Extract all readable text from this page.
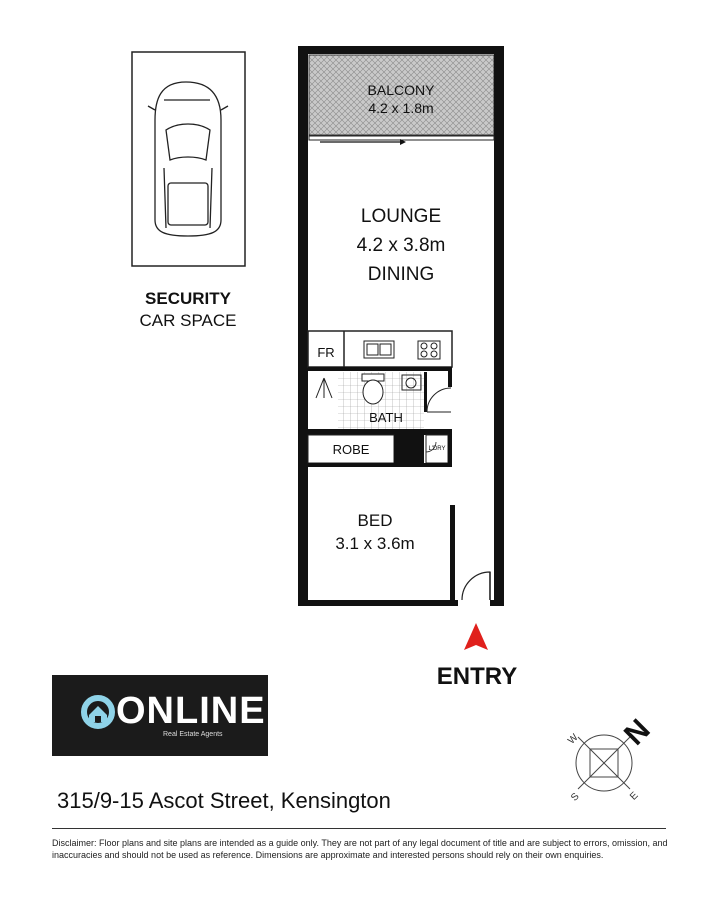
BALCONY
4.2 x 1.8m
LOUNGE
4.2 x 3.8m
DINING
FR
BATH
ROBE	L'DRY
BED
3.1 x 3.6m
ENTRY
N
W
S	E
SECURITY
CAR SPACE
ONLINE
Real Estate Agents
315/9-15 Ascot Street, Kensington
Disclaimer: Floor plans and site plans are intended as a guide only. They are not part of any legal document of title and are subject to errors, omission, and inaccuracies and should not be used as reference. Dimensions are approximate and interested persons should rely on their own enquiries.
